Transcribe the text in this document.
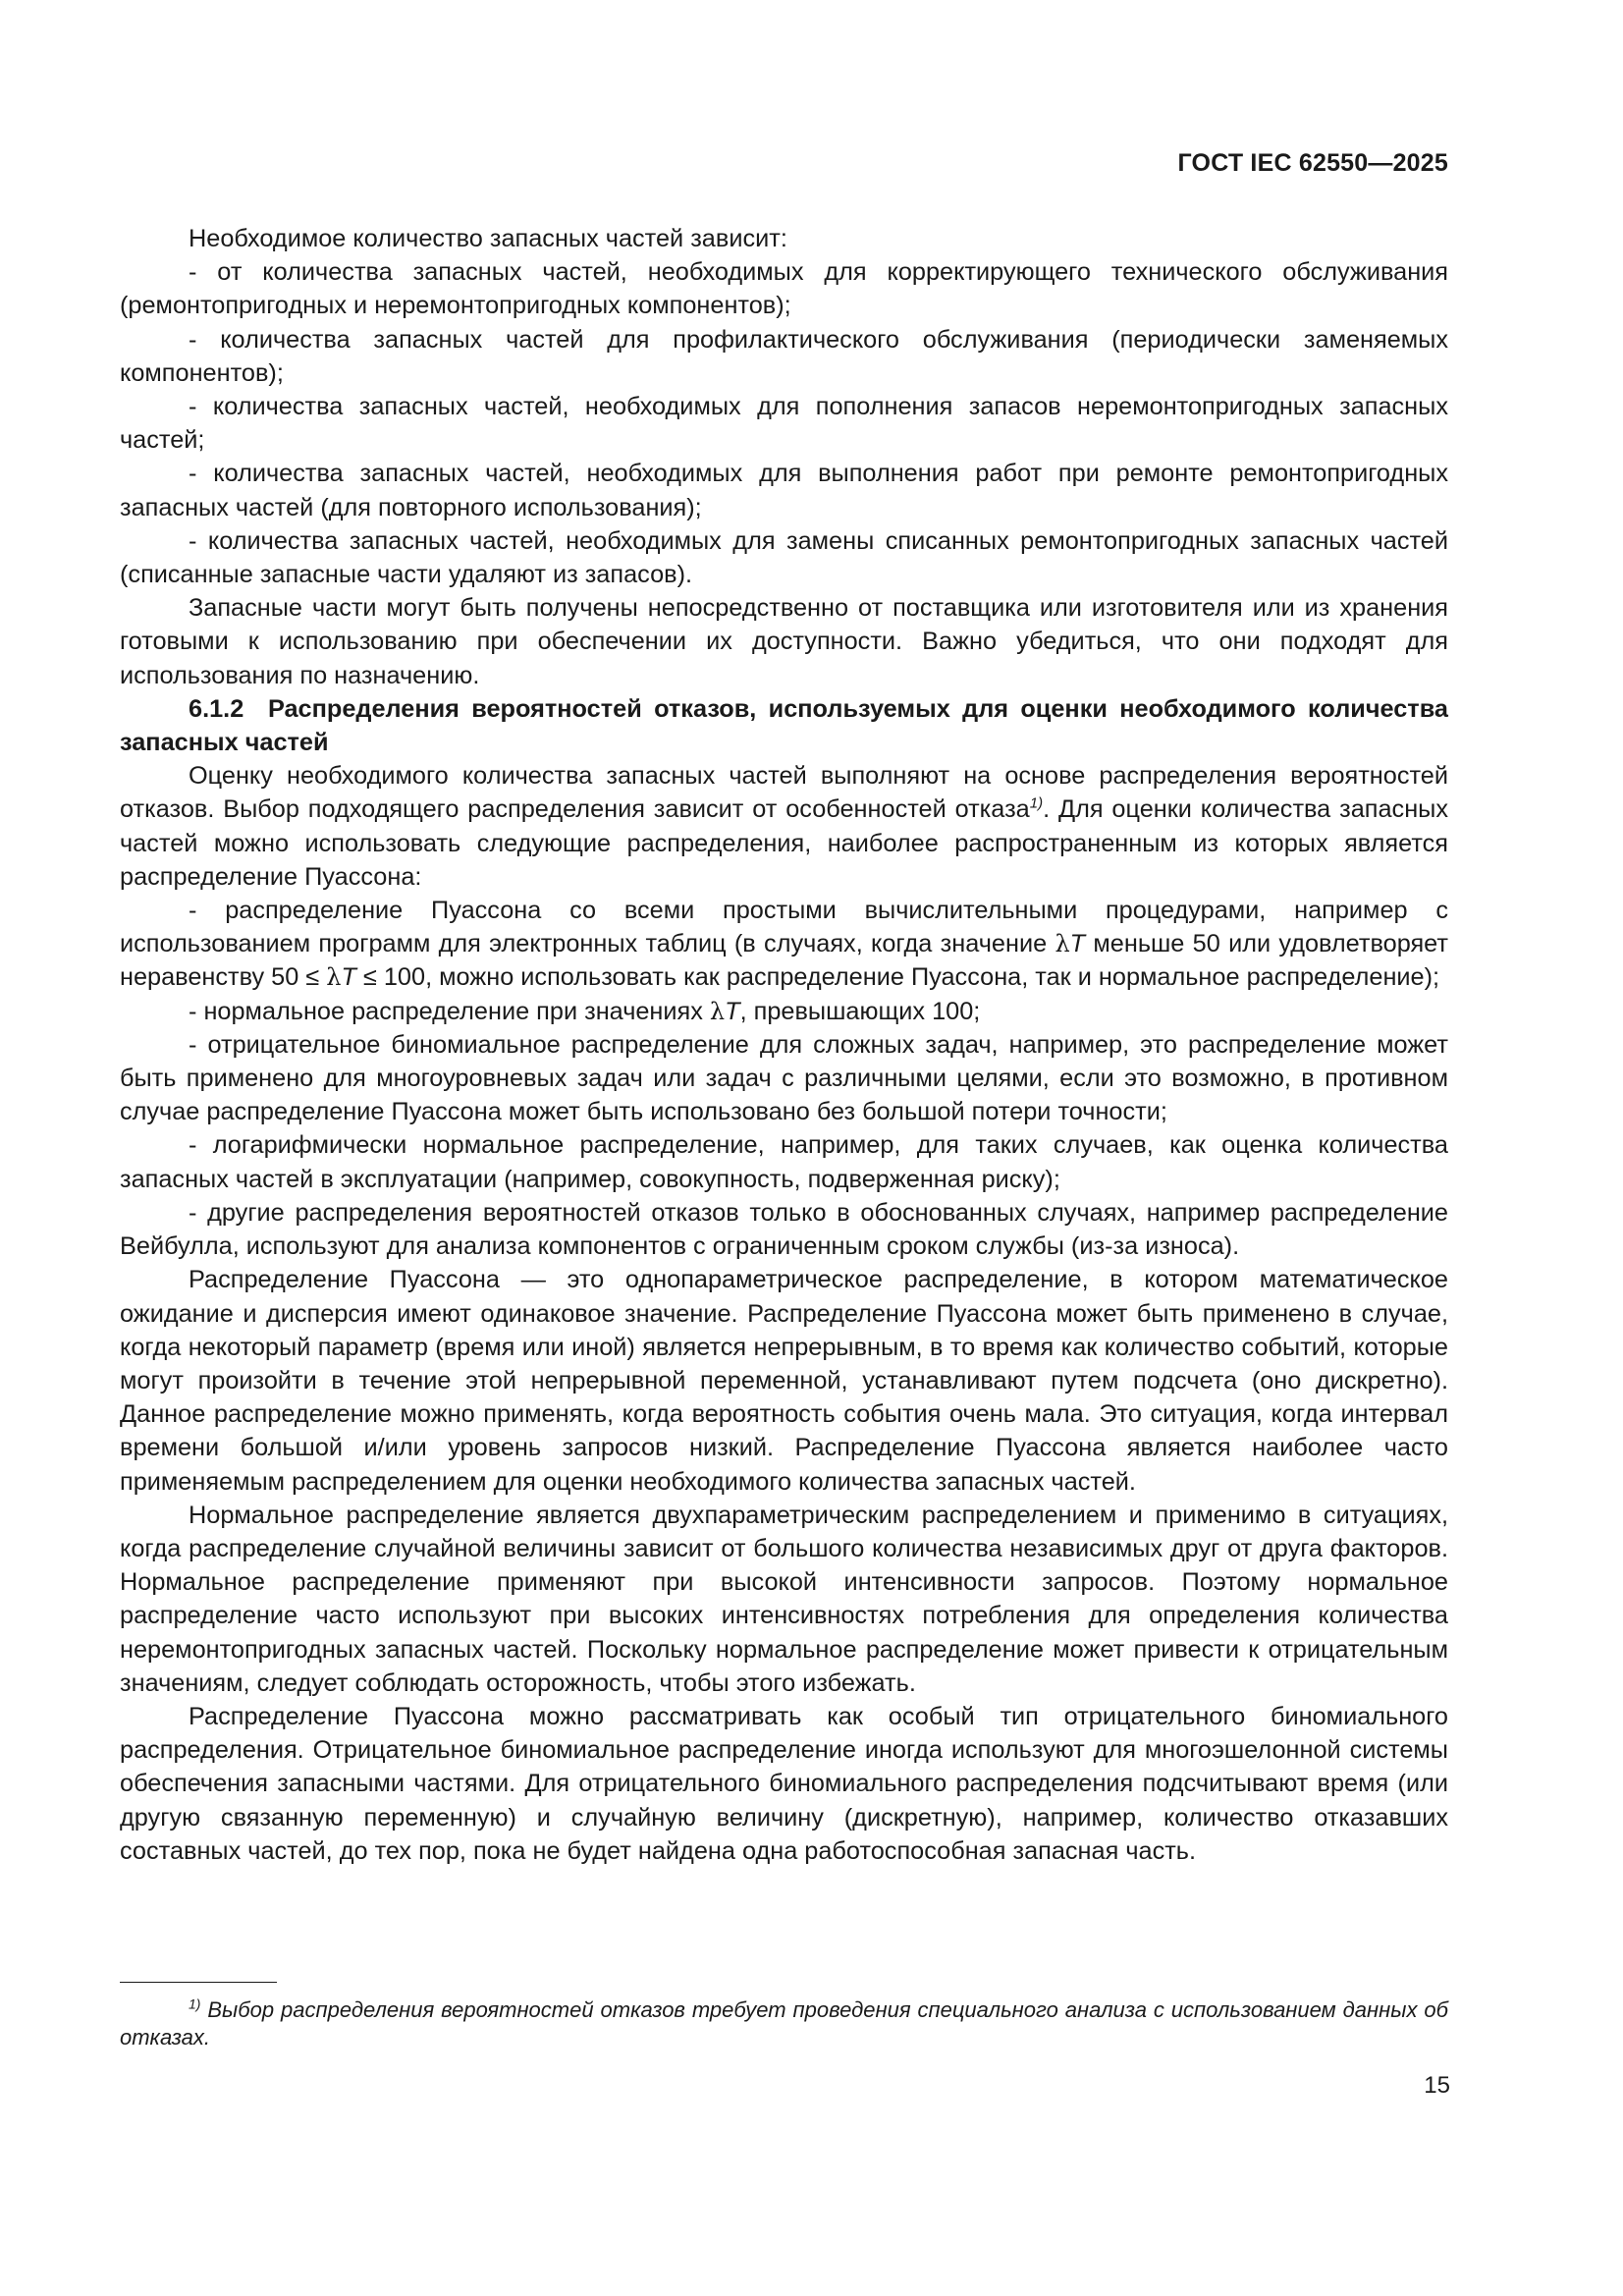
ГОСТ IEC 62550—2025

Необходимое количество запасных частей зависит:

- от количества запасных частей, необходимых для корректирующего технического обслуживания (ремонтопригодных и неремонтопригодных компонентов);

- количества запасных частей для профилактического обслуживания (периодически заменяемых компонентов);

- количества запасных частей, необходимых для пополнения запасов неремонтопригодных запасных частей;

- количества запасных частей, необходимых для выполнения работ при ремонте ремонтопригодных запасных частей (для повторного использования);

- количества запасных частей, необходимых для замены списанных ремонтопригодных запасных частей (списанные запасные части удаляют из запасов).

Запасные части могут быть получены непосредственно от поставщика или изготовителя или из хранения готовыми к использованию при обеспечении их доступности. Важно убедиться, что они подходят для использования по назначению.

6.1.2 Распределения вероятностей отказов, используемых для оценки необходимого количества запасных частей

Оценку необходимого количества запасных частей выполняют на основе распределения вероятностей отказов. Выбор подходящего распределения зависит от особенностей отказа$^{1)}$. Для оценки количества запасных частей можно использовать следующие распределения, наиболее распространенным из которых является распределение Пуассона:

- распределение Пуассона со всеми простыми вычислительными процедурами, например с использованием программ для электронных таблиц (в случаях, когда значение λT меньше 50 или удовлетворяет неравенству 50 ≤ λT ≤ 100, можно использовать как распределение Пуассона, так и нормальное распределение);

- нормальное распределение при значениях λT, превышающих 100;

- отрицательное биномиальное распределение для сложных задач, например, это распределение может быть применено для многоуровневых задач или задач с различными целями, если это возможно, в противном случае распределение Пуассона может быть использовано без большой потери точности;

- логарифмически нормальное распределение, например, для таких случаев, как оценка количества запасных частей в эксплуатации (например, совокупность, подверженная риску);

- другие распределения вероятностей отказов только в обоснованных случаях, например распределение Вейбулла, используют для анализа компонентов с ограниченным сроком службы (из-за износа).

Распределение Пуассона — это однопараметрическое распределение, в котором математическое ожидание и дисперсия имеют одинаковое значение. Распределение Пуассона может быть применено в случае, когда некоторый параметр (время или иной) является непрерывным, в то время как количество событий, которые могут произойти в течение этой непрерывной переменной, устанавливают путем подсчета (оно дискретно). Данное распределение можно применять, когда вероятность события очень мала. Это ситуация, когда интервал времени большой и/или уровень запросов низкий. Распределение Пуассона является наиболее часто применяемым распределением для оценки необходимого количества запасных частей.

Нормальное распределение является двухпараметрическим распределением и применимо в ситуациях, когда распределение случайной величины зависит от большого количества независимых друг от друга факторов. Нормальное распределение применяют при высокой интенсивности запросов. Поэтому нормальное распределение часто используют при высоких интенсивностях потребления для определения количества неремонтопригодных запасных частей. Поскольку нормальное распределение может привести к отрицательным значениям, следует соблюдать осторожность, чтобы этого избежать.

Распределение Пуассона можно рассматривать как особый тип отрицательного биномиального распределения. Отрицательное биномиальное распределение иногда используют для многоэшелонной системы обеспечения запасными частями. Для отрицательного биномиального распределения подсчитывают время (или другую связанную переменную) и случайную величину (дискретную), например, количество отказавших составных частей, до тех пор, пока не будет найдена одна работоспособная запасная часть.

$^{1)}$ Выбор распределения вероятностей отказов требует проведения специального анализа с использованием данных об отказах.
15
